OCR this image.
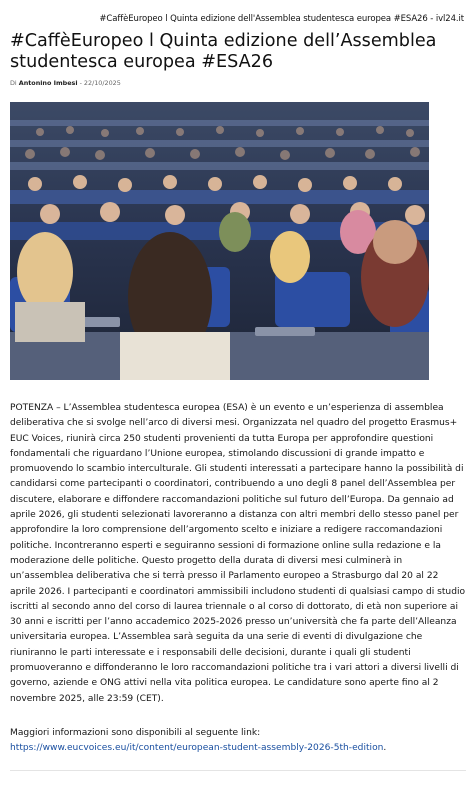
#CaffèEuropeo l Quinta edizione dell'Assemblea studentesca europea #ESA26 - ivl24.it
#CaffèEuropeo l Quinta edizione dell’Assemblea studentesca europea #ESA26
Di Antonino Imbesi - 22/10/2025

POTENZA – L’Assemblea studentesca europea (ESA) è un evento e un’esperienza di assemblea deliberativa che si svolge nell’arco di diversi mesi. Organizzata nel quadro del progetto Erasmus+ EUC Voices, riunirà circa 250 studenti provenienti da tutta Europa per approfondire questioni fondamentali che riguardano l’Unione europea, stimolando discussioni di grande impatto e promuovendo lo scambio interculturale. Gli studenti interessati a partecipare hanno la possibilità di candidarsi come partecipanti o coordinatori, contribuendo a uno degli 8 panel dell’Assemblea per discutere, elaborare e diffondere raccomandazioni politiche sul futuro dell’Europa. Da gennaio ad aprile 2026, gli studenti selezionati lavoreranno a distanza con altri membri dello stesso panel per approfondire la loro comprensione dell’argomento scelto e iniziare a redigere raccomandazioni politiche. Incontreranno esperti e seguiranno sessioni di formazione online sulla redazione e la moderazione delle politiche. Questo progetto della durata di diversi mesi culminerà in un’assemblea deliberativa che si terrà presso il Parlamento europeo a Strasburgo dal 20 al 22 aprile 2026. I partecipanti e coordinatori ammissibili includono studenti di qualsiasi campo di studio iscritti al secondo anno del corso di laurea triennale o al corso di dottorato, di età non superiore ai 30 anni e iscritti per l’anno accademico 2025-2026 presso un’università che fa parte dell’Alleanza universitaria europea. L’Assemblea sarà seguita da una serie di eventi di divulgazione che riuniranno le parti interessate e i responsabili delle decisioni, durante i quali gli studenti promuoveranno e diffonderanno le loro raccomandazioni politiche tra i vari attori a diversi livelli di governo, aziende e ONG attivi nella vita politica europea. Le candidature sono aperte fino al 2 novembre 2025, alle 23:59 (CET).

Maggiori informazioni sono disponibili al seguente link:

https://www.eucvoices.eu/it/content/european-student-assembly-2026-5th-edition.
